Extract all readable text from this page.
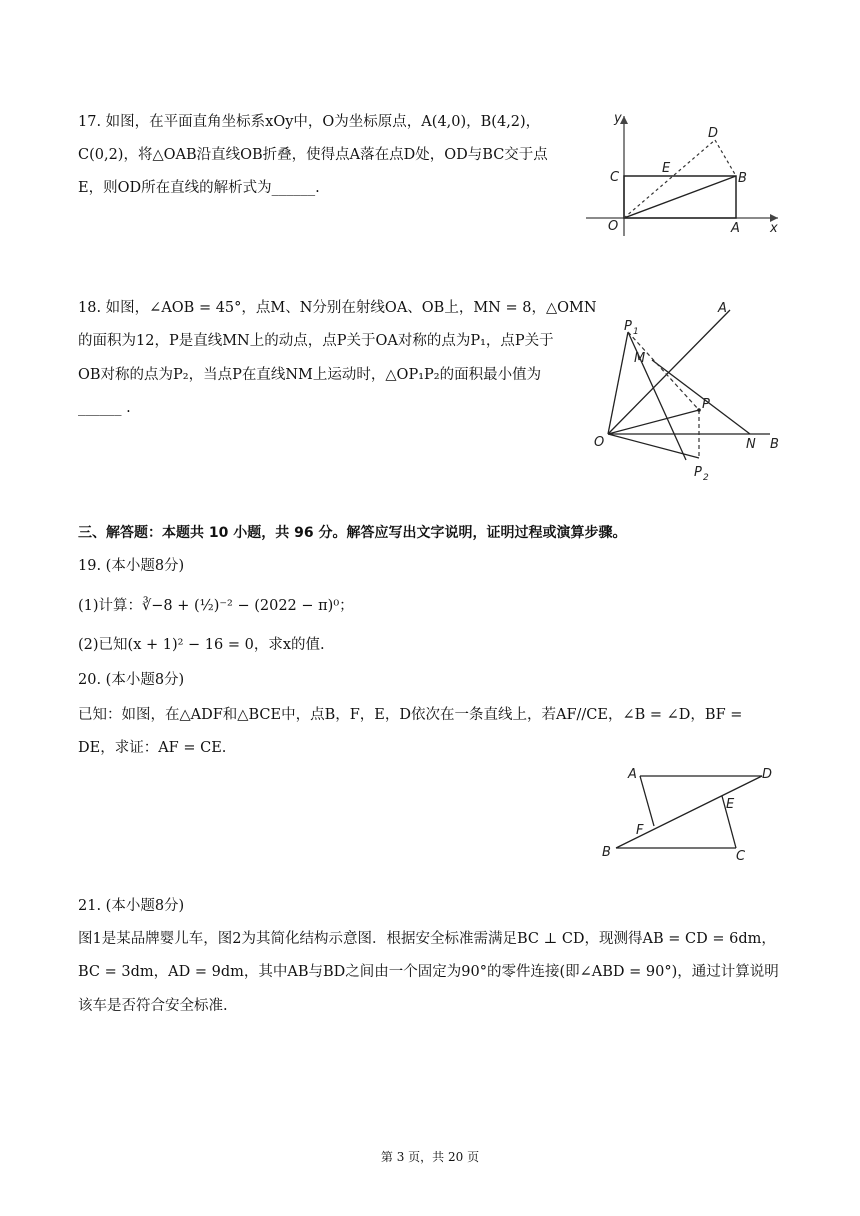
17. 如图，在平面直角坐标系xOy中，O为坐标原点，A(4,0)，B(4,2)，
C(0,2)，将△OAB沿直线OB折叠，使得点A落在点D处，OD与BC交于点
E，则OD所在直线的解析式为______.
y
x
O	A
B
C
D
E
18. 如图，∠AOB = 45°，点M、N分别在射线OA、OB上，MN = 8，△OMN
的面积为12，P是直线MN上的动点，点P关于OA对称的点为P₁，点P关于
OB对称的点为P₂，当点P在直线NM上运动时，△OP₁P₂的面积最小值为
______ .
A
B
O
M
N
P
P 1
P 2
三、解答题：本题共 10 小题，共 96 分。解答应写出文字说明，证明过程或演算步骤。
19. (本小题8分)
(1)计算：∛−8 + (½)⁻² − (2022 − π)⁰；
(2)已知(x + 1)² − 16 = 0，求x的值.
20. (本小题8分)
已知：如图，在△ADF和△BCE中，点B，F，E，D依次在一条直线上，若AF//CE，∠B = ∠D，BF =
DE，求证：AF = CE.
A	D
B	C
E
F
21. (本小题8分)
图1是某品牌婴儿车，图2为其简化结构示意图．根据安全标准需满足BC ⊥ CD，现测得AB = CD = 6dm，
BC = 3dm，AD = 9dm，其中AB与BD之间由一个固定为90°的零件连接(即∠ABD = 90°)，通过计算说明
该车是否符合安全标准.
第 3 页，共 20 页
